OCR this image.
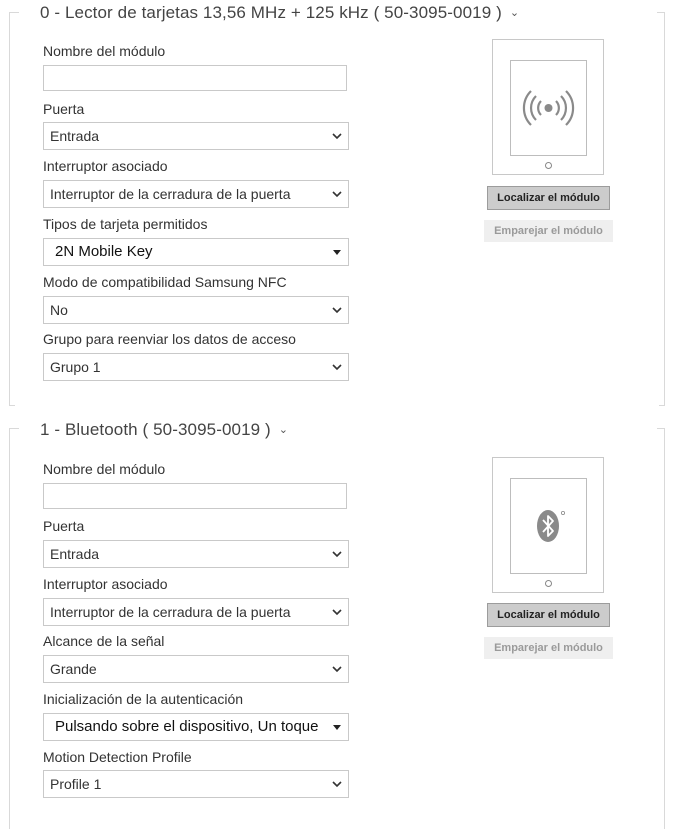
0 - Lector de tarjetas 13,56 MHz + 125 kHz ( 50-3095-0019 ) ⌄
Nombre del módulo
Puerta
Entrada
Interruptor asociado
Interruptor de la cerradura de la puerta
Tipos de tarjeta permitidos
2N Mobile Key
Modo de compatibilidad Samsung NFC
No
Grupo para reenviar los datos de acceso
Grupo 1
Localizar el módulo
Emparejar el módulo
1 - Bluetooth ( 50-3095-0019 ) ⌄
Nombre del módulo
Puerta
Entrada
Interruptor asociado
Interruptor de la cerradura de la puerta
Alcance de la señal
Grande
Inicialización de la autenticación
Pulsando sobre el dispositivo, Un toque
Motion Detection Profile
Profile 1
Localizar el módulo
Emparejar el módulo
